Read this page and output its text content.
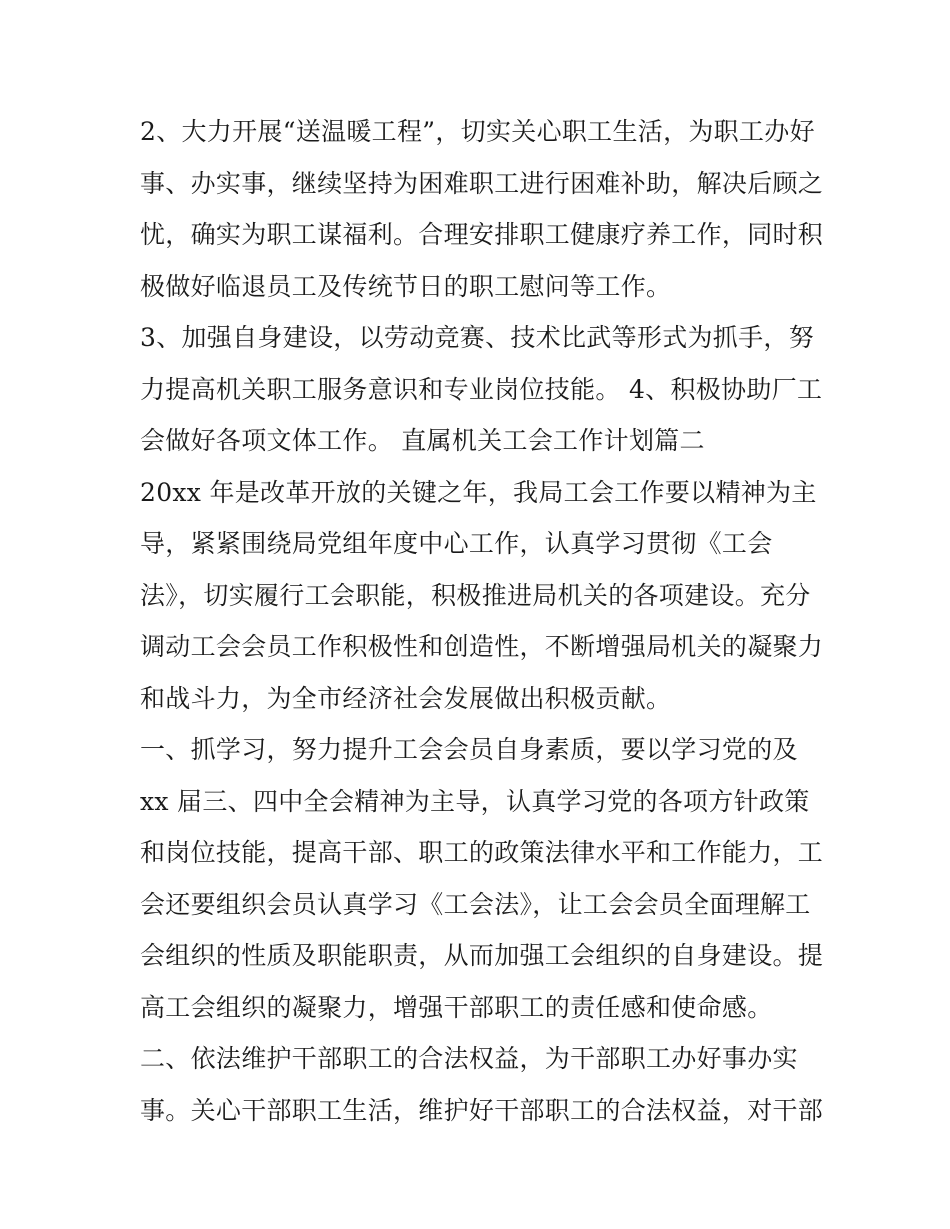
2、大力开展“送温暖工程”，切实关心职工生活，为职工办好
事、办实事，继续坚持为困难职工进行困难补助，解决后顾之
忧，确实为职工谋福利。合理安排职工健康疗养工作，同时积
极做好临退员工及传统节日的职工慰问等工作。
3、加强自身建设，以劳动竞赛、技术比武等形式为抓手，努
力提高机关职工服务意识和专业岗位技能。 4、积极协助厂工
会做好各项文体工作。 直属机关工会工作计划篇二
20xx 年是改革开放的关键之年，我局工会工作要以精神为主
导，紧紧围绕局党组年度中心工作，认真学习贯彻《工会
法》，切实履行工会职能，积极推进局机关的各项建设。充分
调动工会会员工作积极性和创造性，不断增强局机关的凝聚力
和战斗力，为全市经济社会发展做出积极贡献。
一、抓学习，努力提升工会会员自身素质，要以学习党的及
xx 届三、四中全会精神为主导，认真学习党的各项方针政策
和岗位技能，提高干部、职工的政策法律水平和工作能力，工
会还要组织会员认真学习《工会法》，让工会会员全面理解工
会组织的性质及职能职责，从而加强工会组织的自身建设。提
高工会组织的凝聚力，增强干部职工的责任感和使命感。
二、依法维护干部职工的合法权益，为干部职工办好事办实
事。关心干部职工生活，维护好干部职工的合法权益，对干部
